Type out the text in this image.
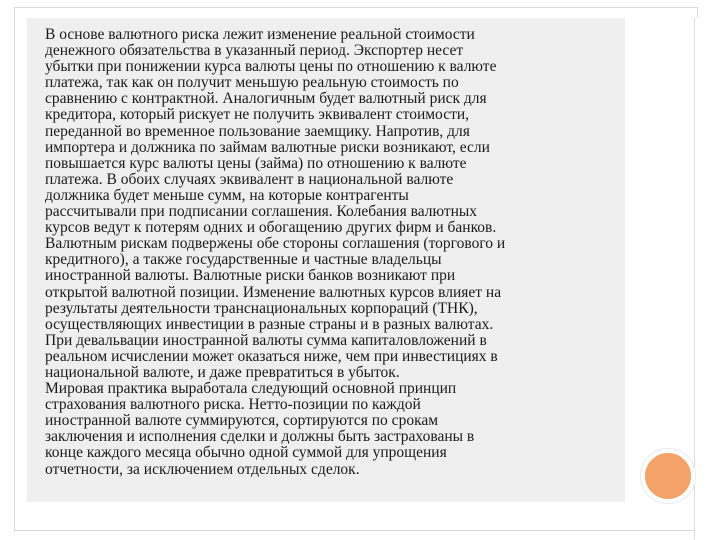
В основе валютного риска лежит изменение реальной стоимости
денежного обязательства в указанный период. Экспортер несет
убытки при понижении курса валюты цены по отношению к валюте
платежа, так как он получит меньшую реальную стоимость по
сравнению с контрактной. Аналогичным будет валютный риск для
кредитора, который рискует не получить эквивалент стоимости,
переданной во временное пользование заемщику. Напротив, для
импортера и должника по займам валютные риски возникают, если
повышается курс валюты цены (займа) по отношению к валюте
платежа. В обоих случаях эквивалент в национальной валюте
должника будет меньше сумм, на которые контрагенты
рассчитывали при подписании соглашения. Колебания валютных
курсов ведут к потерям одних и обогащению других фирм и банков.
Валютным рискам подвержены обе стороны соглашения (торгового и
кредитного), а также государственные и частные владельцы
иностранной валюты. Валютные риски банков возникают при
открытой валютной позиции. Изменение валютных курсов влияет на
результаты деятельности транснациональных корпораций (ТНК),
осуществляющих инвестиции в разные страны и в разных валютах.
При девальвации иностранной валюты сумма капиталовложений в
реальном исчислении может оказаться ниже, чем при инвестициях в
национальной валюте, и даже превратиться в убыток.
Мировая практика выработала следующий основной принцип
страхования валютного риска. Нетто-позиции по каждой
иностранной валюте суммируются, сортируются по срокам
заключения и исполнения сделки и должны быть застрахованы в
конце каждого месяца обычно одной суммой для упрощения
отчетности, за исключением отдельных сделок.
